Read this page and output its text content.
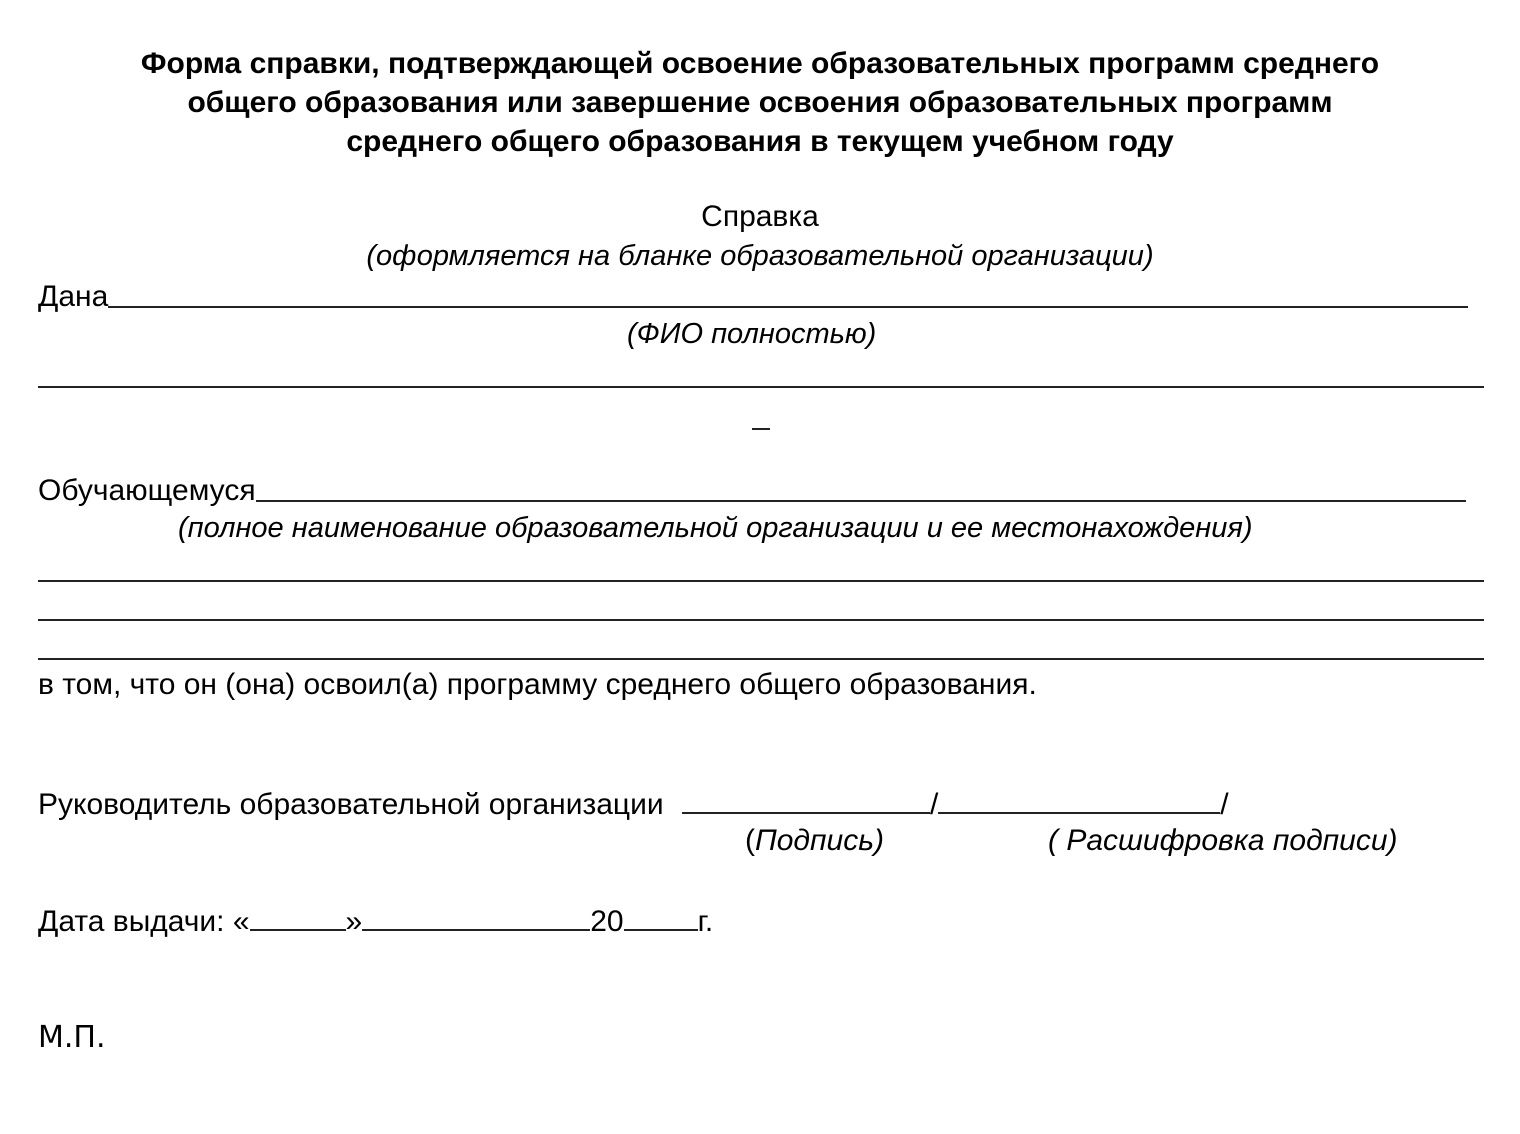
Форма справки, подтверждающей освоение образовательных программ среднего
общего образования или завершение освоения образовательных программ
среднего общего образования в текущем учебном году
Справка
(оформляется на бланке образовательной организации)
Дана
(ФИО полностью)
Обучающемуся
(полное наименование образовательной организации и ее местонахождения)
в том, что он (она) освоил(а) программу среднего общего образования.
Руководитель образовательной организации	/	/
(Подпись)	( Расшифровка подписи)
Дата выдачи: «	»	20 г.
М.П.
